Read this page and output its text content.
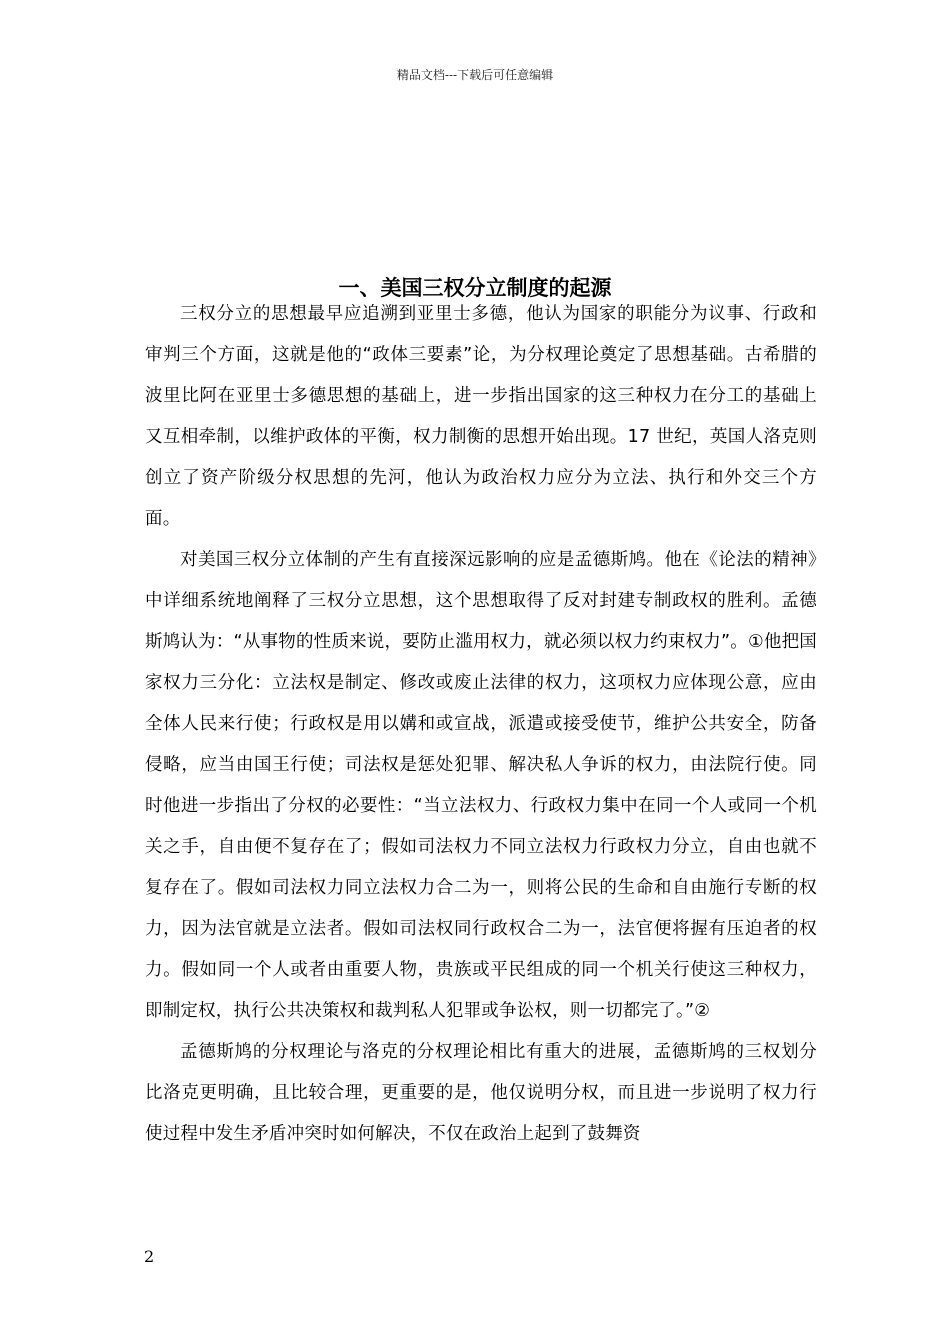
精品文档---下载后可任意编辑
一、美国三权分立制度的起源

三权分立的思想最早应追溯到亚里士多德，他认为国家的职能分为议事、行政和审判三个方面，这就是他的“政体三要素”论，为分权理论奠定了思想基础。古希腊的波里比阿在亚里士多德思想的基础上，进一步指出国家的这三种权力在分工的基础上又互相牵制，以维护政体的平衡，权力制衡的思想开始出现。17 世纪，英国人洛克则创立了资产阶级分权思想的先河，他认为政治权力应分为立法、执行和外交三个方面。

对美国三权分立体制的产生有直接深远影响的应是孟德斯鸠。他在《论法的精神》中详细系统地阐释了三权分立思想，这个思想取得了反对封建专制政权的胜利。孟德斯鸠认为：“从事物的性质来说，要防止滥用权力，就必须以权力约束权力”。①他把国家权力三分化：立法权是制定、修改或废止法律的权力，这项权力应体现公意，应由全体人民来行使；行政权是用以媾和或宣战，派遣或接受使节，维护公共安全，防备侵略，应当由国王行使；司法权是惩处犯罪、解决私人争诉的权力，由法院行使。同时他进一步指出了分权的必要性：“当立法权力、行政权力集中在同一个人或同一个机关之手，自由便不复存在了；假如司法权力不同立法权力行政权力分立，自由也就不复存在了。假如司法权力同立法权力合二为一，则将公民的生命和自由施行专断的权力，因为法官就是立法者。假如司法权同行政权合二为一，法官便将握有压迫者的权力。假如同一个人或者由重要人物，贵族或平民组成的同一个机关行使这三种权力，即制定权，执行公共决策权和裁判私人犯罪或争讼权，则一切都完了。”②

孟德斯鸠的分权理论与洛克的分权理论相比有重大的进展，孟德斯鸠的三权划分比洛克更明确，且比较合理，更重要的是，他仅说明分权，而且进一步说明了权力行使过程中发生矛盾冲突时如何解决，不仅在政治上起到了鼓舞资

2
